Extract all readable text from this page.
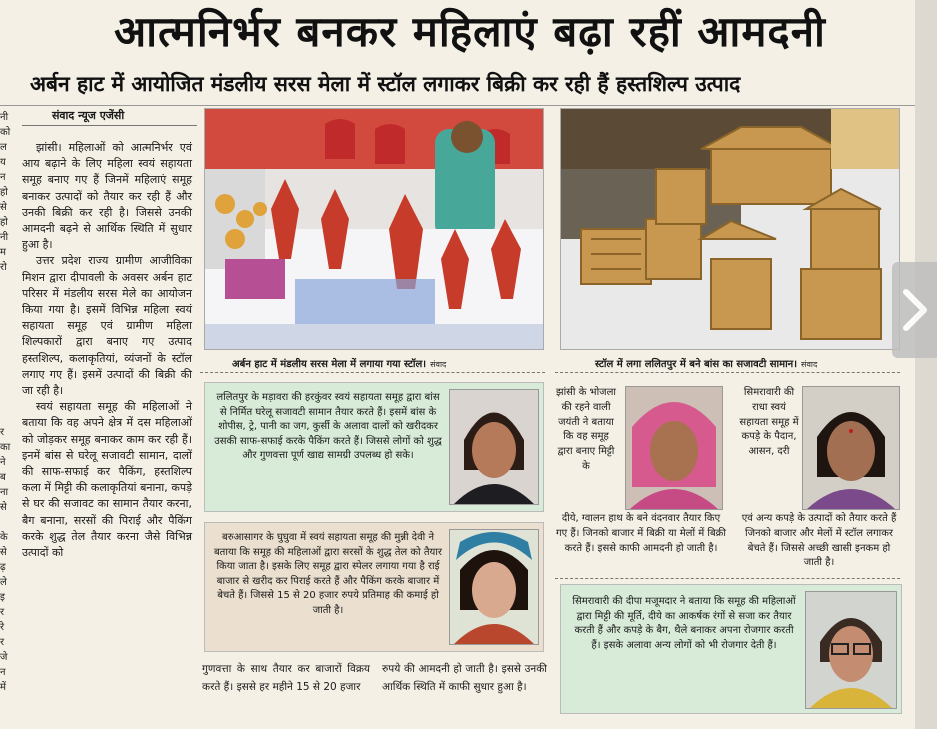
आत्मनिर्भर बनकर महिलाएं बढ़ा रहीं आमदनी
अर्बन हाट में आयोजित मंडलीय सरस मेला में स्टॉल लगाकर बिक्री कर रही हैं हस्तशिल्प उत्पाद
नी
को
ल
य
न
हो
से
हो
नी
म
रो
र
का
ने
ब
ना
से
के
से
ढ़
ले
इ
र
रे
र
जे
न
में
संवाद न्यूज एजेंसी

झांसी। महिलाओं को आत्मनिर्भर एवं आय बढ़ाने के लिए महिला स्वयं सहायता समूह बनाए गए हैं जिनमें महिलाएं समूह बनाकर उत्पादों को तैयार कर रही हैं और उनकी बिक्री कर रही है। जिससे उनकी आमदनी बढ़ने से आर्थिक स्थिति में सुधार हुआ है।

उत्तर प्रदेश राज्य ग्रामीण आजीविका मिशन द्वारा दीपावली के अवसर अर्बन हाट परिसर में मंडलीय सरस मेले का आयोजन किया गया है। इसमें विभिन्न महिला स्वयं सहायता समूह एवं ग्रामीण महिला शिल्पकारों द्वारा बनाए गए उत्पाद हस्तशिल्प, कलाकृतियां, व्यंजनों के स्टॉल लगाए गए हैं। इसमें उत्पादों की बिक्री की जा रही है।

स्वयं सहायता समूह की महिलाओं ने बताया कि वह अपने क्षेत्र में दस महिलाओं को जोड़कर समूह बनाकर काम कर रही हैं। इनमें बांस से घरेलू सजावटी सामान, दालों की साफ-सफाई कर पैकिंग, हस्तशिल्प कला में मिट्टी की कलाकृतियां बनाना, कपड़े से घर की सजावट का सामान तैयार करना, बैग बनाना, सरसों की पिराई और पैकिंग करके शुद्ध तेल तैयार करना जैसे विभिन्न उत्पादों को

अर्बन हाट में मंडलीय सरस मेला में लगाया गया स्टॉल। संवाद	स्टॉल में लगा ललितपुर में बने बांस का सजावटी सामान। संवाद
ललितपुर के मड़ावरा की हरकुंवर स्वयं सहायता समूह द्वारा बांस से निर्मित घरेलू सजावटी सामान तैयार करते हैं। इसमें बांस के शोपीस, ट्रे, पानी का जग, कुर्सी के अलावा दालों को खरीदकर उसकी साफ-सफाई करके पैकिंग करते हैं। जिससे लोगों को शुद्ध और गुणवत्ता पूर्ण खाद्य सामग्री उपलब्ध हो सके।
बरुआसागर के घुघुवा में स्वयं सहायता समूह की मुन्नी देवी ने बताया कि समूह की महिलाओं द्वारा सरसों के शुद्ध तेल को तैयार किया जाता है। इसके लिए समूह द्वारा स्पेलर लगाया गया है राई बाजार से खरीद कर पिराई करते हैं और पैकिंग करके बाजार में बेचते हैं। जिससे 15 से 20 हजार रुपये प्रतिमाह की कमाई हो जाती है।
झांसी के भोजला की रहने वाली जयंती ने बताया कि वह समूह द्वारा बनाए मिट्टी के
दीये, ग्वालन हाथ के बने वंदनवार तैयार किए गए हैं। जिनको बाजार में बिक्री या मेलों में बिक्री करते हैं। इससे काफी आमदनी हो जाती है।
सिमरावारी की राधा स्वयं सहायता समूह में कपड़े के पैदान, आसन, दरी
एवं अन्य कपड़े के उत्पादों को तैयार करते हैं जिनको बाजार और मेलों में स्टॉल लगाकर बेचते हैं। जिससे अच्छी खासी इनकम हो जाती है।
सिमरावारी की दीपा मजूमदार ने बताया कि समूह की महिलाओं द्वारा मिट्टी की मूर्ति, दीये का आकर्षक रंगों से सजा कर तैयार करती हैं और कपड़े के बैग, थैले बनाकर अपना रोजगार करती हैं। इसके अलावा अन्य लोगों को भी रोजगार देती हैं।
गुणवत्ता के साथ तैयार कर बाजारों विक्रय करते हैं। इससे हर महीने 15 से 20 हजार
रुपये की आमदनी हो जाती है। इससे उनकी आर्थिक स्थिति में काफी सुधार हुआ है।
